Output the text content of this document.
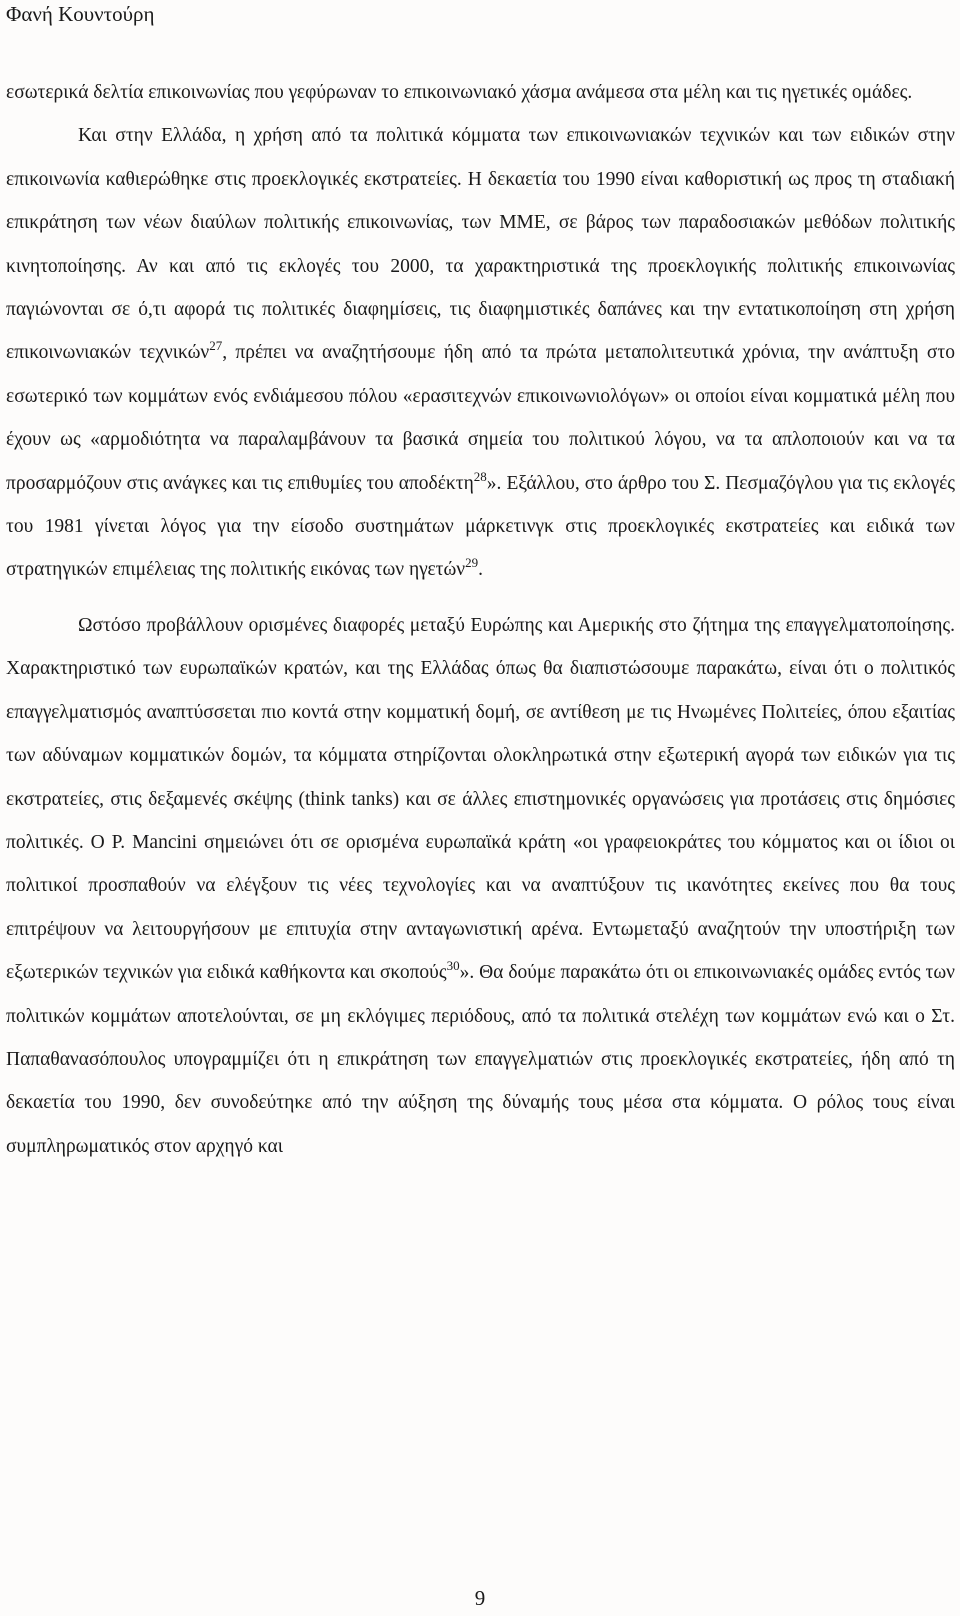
Φανή Κουντούρη

εσωτερικά δελτία επικοινωνίας που γεφύρωναν το επικοινωνιακό χάσμα ανάμεσα στα μέλη και τις ηγετικές ομάδες.

Και στην Ελλάδα, η χρήση από τα πολιτικά κόμματα των επικοινωνιακών τεχνικών και των ειδικών στην επικοινωνία καθιερώθηκε στις προεκλογικές εκστρατείες. Η δεκαετία του 1990 είναι καθοριστική ως προς τη σταδιακή επικράτηση των νέων διαύλων πολιτικής επικοινωνίας, των ΜΜΕ, σε βάρος των παραδοσιακών μεθόδων πολιτικής κινητοποίησης. Αν και από τις εκλογές του 2000, τα χαρακτηριστικά της προεκλογικής πολιτικής επικοινωνίας παγιώνονται σε ό,τι αφορά τις πολιτικές διαφημίσεις, τις διαφημιστικές δαπάνες και την εντατικοποίηση στη χρήση επικοινωνιακών τεχνικών$^{27}$, πρέπει να αναζητήσουμε ήδη από τα πρώτα μεταπολιτευτικά χρόνια, την ανάπτυξη στο εσωτερικό των κομμάτων ενός ενδιάμεσου πόλου «ερασιτεχνών επικοινωνιολόγων» οι οποίοι είναι κομματικά μέλη που έχουν ως «αρμοδιότητα να παραλαμβάνουν τα βασικά σημεία του πολιτικού λόγου, να τα απλοποιούν και να τα προσαρμόζουν στις ανάγκες και τις επιθυμίες του αποδέκτη$^{28}$». Εξάλλου, στο άρθρο του Σ. Πεσμαζόγλου για τις εκλογές του 1981 γίνεται λόγος για την είσοδο συστημάτων μάρκετινγκ στις προεκλογικές εκστρατείες και ειδικά των στρατηγικών επιμέλειας της πολιτικής εικόνας των ηγετών$^{29}$.

Ωστόσο προβάλλουν ορισμένες διαφορές μεταξύ Ευρώπης και Αμερικής στο ζήτημα της επαγγελματοποίησης. Χαρακτηριστικό των ευρωπαϊκών κρατών, και της Ελλάδας όπως θα διαπιστώσουμε παρακάτω, είναι ότι ο πολιτικός επαγγελματισμός αναπτύσσεται πιο κοντά στην κομματική δομή, σε αντίθεση με τις Ηνωμένες Πολιτείες, όπου εξαιτίας των αδύναμων κομματικών δομών, τα κόμματα στηρίζονται ολοκληρωτικά στην εξωτερική αγορά των ειδικών για τις εκστρατείες, στις δεξαμενές σκέψης (think tanks) και σε άλλες επιστημονικές οργανώσεις για προτάσεις στις δημόσιες πολιτικές. Ο P. Mancini σημειώνει ότι σε ορισμένα ευρωπαϊκά κράτη «οι γραφειοκράτες του κόμματος και οι ίδιοι οι πολιτικοί προσπαθούν να ελέγξουν τις νέες τεχνολογίες και να αναπτύξουν τις ικανότητες εκείνες που θα τους επιτρέψουν να λειτουργήσουν με επιτυχία στην ανταγωνιστική αρένα. Εντωμεταξύ αναζητούν την υποστήριξη των εξωτερικών τεχνικών για ειδικά καθήκοντα και σκοπούς$^{30}$». Θα δούμε παρακάτω ότι οι επικοινωνιακές ομάδες εντός των πολιτικών κομμάτων αποτελούνται, σε μη εκλόγιμες περιόδους, από τα πολιτικά στελέχη των κομμάτων ενώ και ο Στ. Παπαθανασόπουλος υπογραμμίζει ότι η επικράτηση των επαγγελματιών στις προεκλογικές εκστρατείες, ήδη από τη δεκαετία του 1990, δεν συνοδεύτηκε από την αύξηση της δύναμής τους μέσα στα κόμματα. Ο ρόλος τους είναι συμπληρωματικός στον αρχηγό και

9
